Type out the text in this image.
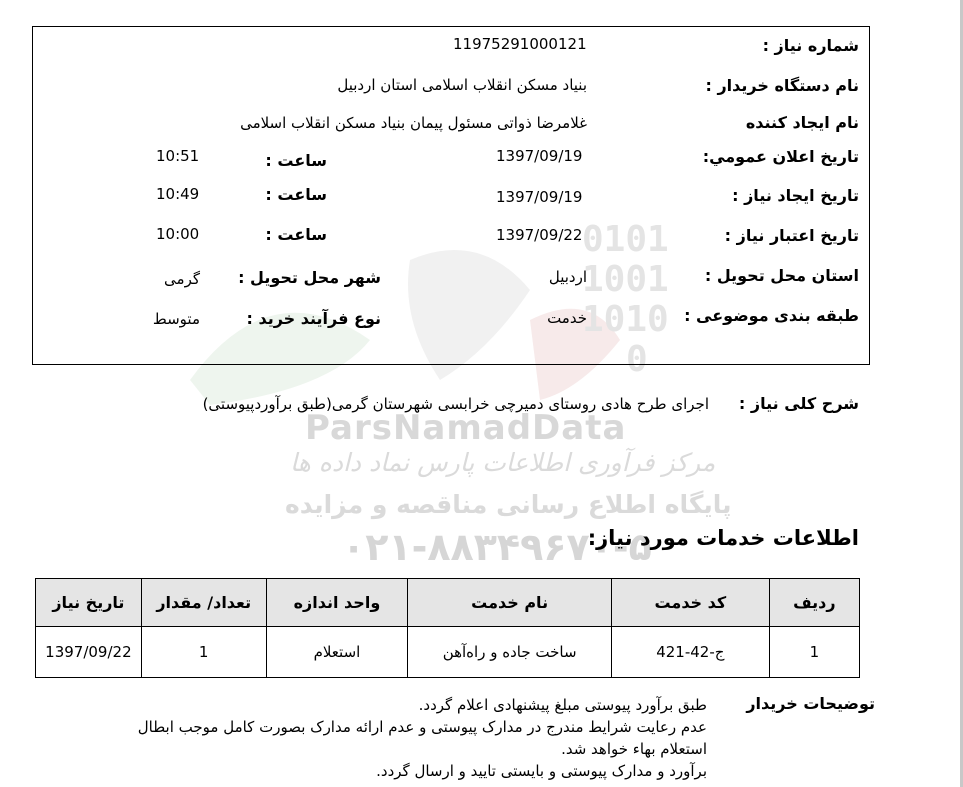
0101
1001
1010
0
ParsNamadData
مرکز فرآوری اطلاعات پارس نماد داده ها
پایگاه اطلاع رسانی مناقصه و مزایده
۰۲۱-۸۸۳۴۹۶۷۰-۵
شماره نیاز :
11975291000121
نام دستگاه خریدار :
بنیاد مسکن انقلاب اسلامی استان اردبیل
نام ایجاد کننده
غلامرضا ذواتی مسئول پیمان بنیاد مسکن انقلاب اسلامی
تاریخ اعلان عمومي:
1397/09/19
ساعت :
10:51
تاریخ ایجاد نیاز :
1397/09/19
ساعت :
10:49
تاریخ اعتبار نیاز :
1397/09/22
ساعت :
10:00
استان محل تحویل :
اردبیل
شهر محل تحویل :
گرمی
طبقه بندی موضوعی :
خدمت
نوع فرآیند خرید :
متوسط
شرح کلی نیاز :
اجرای طرح هادی روستای دمیرچی خرابسی شهرستان گرمی(طبق برآوردپیوستی)
اطلاعات خدمات مورد نیاز:
ردیف	کد خدمت	نام خدمت	واحد اندازه	تعداد/ مقدار	تاریخ نیاز
1	ج-42-421	ساخت جاده و راه‌آهن	استعلام	1	1397/09/22
توضیحات خریدار
طبق برآورد پیوستی مبلغ پیشنهادی اعلام گردد.
عدم رعایت شرایط مندرج در مدارک پیوستی و عدم ارائه مدارک بصورت کامل موجب ابطال
استعلام بهاء خواهد شد.
برآورد و مدارک پیوستی و بایستی تایید و ارسال گردد.
